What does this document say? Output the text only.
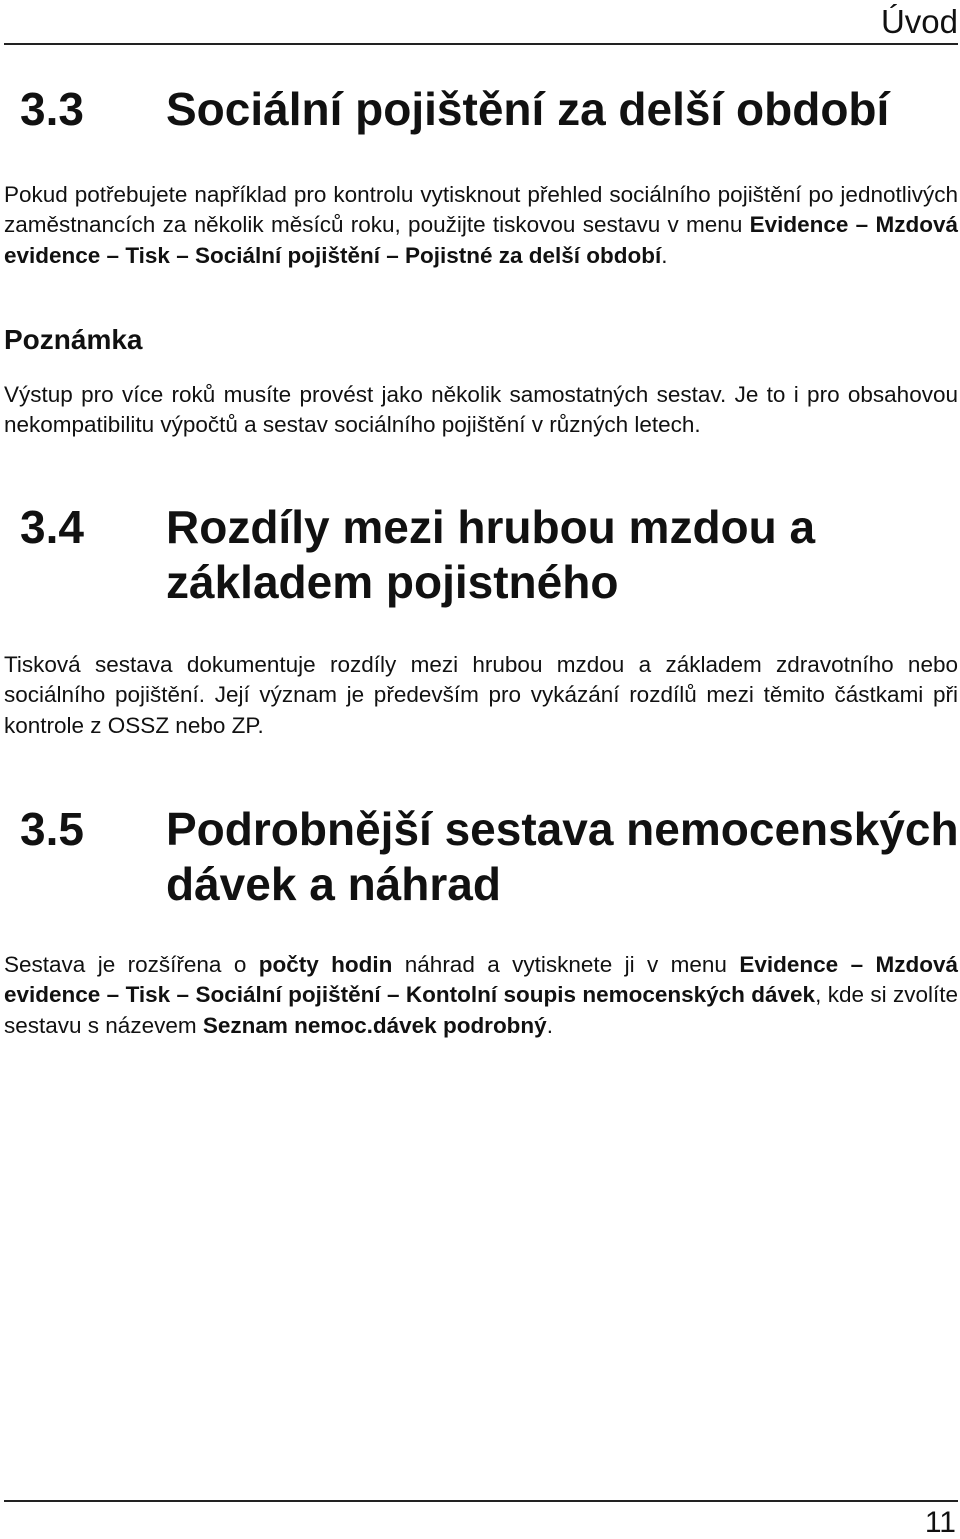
Úvod
3.3 Sociální pojištění za delší období

Pokud potřebujete například pro kontrolu vytisknout přehled sociálního pojištění po jednotlivých zaměstnancích za několik měsíců roku, použijte tiskovou sestavu v menu Evidence – Mzdová evidence – Tisk – Sociální pojištění – Pojistné za delší období.

Poznámka

Výstup pro více roků musíte provést jako několik samostatných sestav. Je to i pro obsahovou nekompatibilitu výpočtů a sestav sociálního pojištění v různých letech.

3.4 Rozdíly mezi hrubou mzdou a základem pojistného

Tisková sestava dokumentuje rozdíly mezi hrubou mzdou a základem zdravotního nebo sociálního pojištění. Její význam je především pro vykázání rozdílů mezi těmito částkami při kontrole z OSSZ nebo ZP.

3.5 Podrobnější sestava nemocenských dávek a náhrad

Sestava je rozšířena o počty hodin náhrad a vytisknete ji v menu Evidence – Mzdová evidence – Tisk – Sociální pojištění – Kontolní soupis nemocenských dávek, kde si zvolíte sestavu s názevem Seznam nemoc.dávek podrobný.

11
